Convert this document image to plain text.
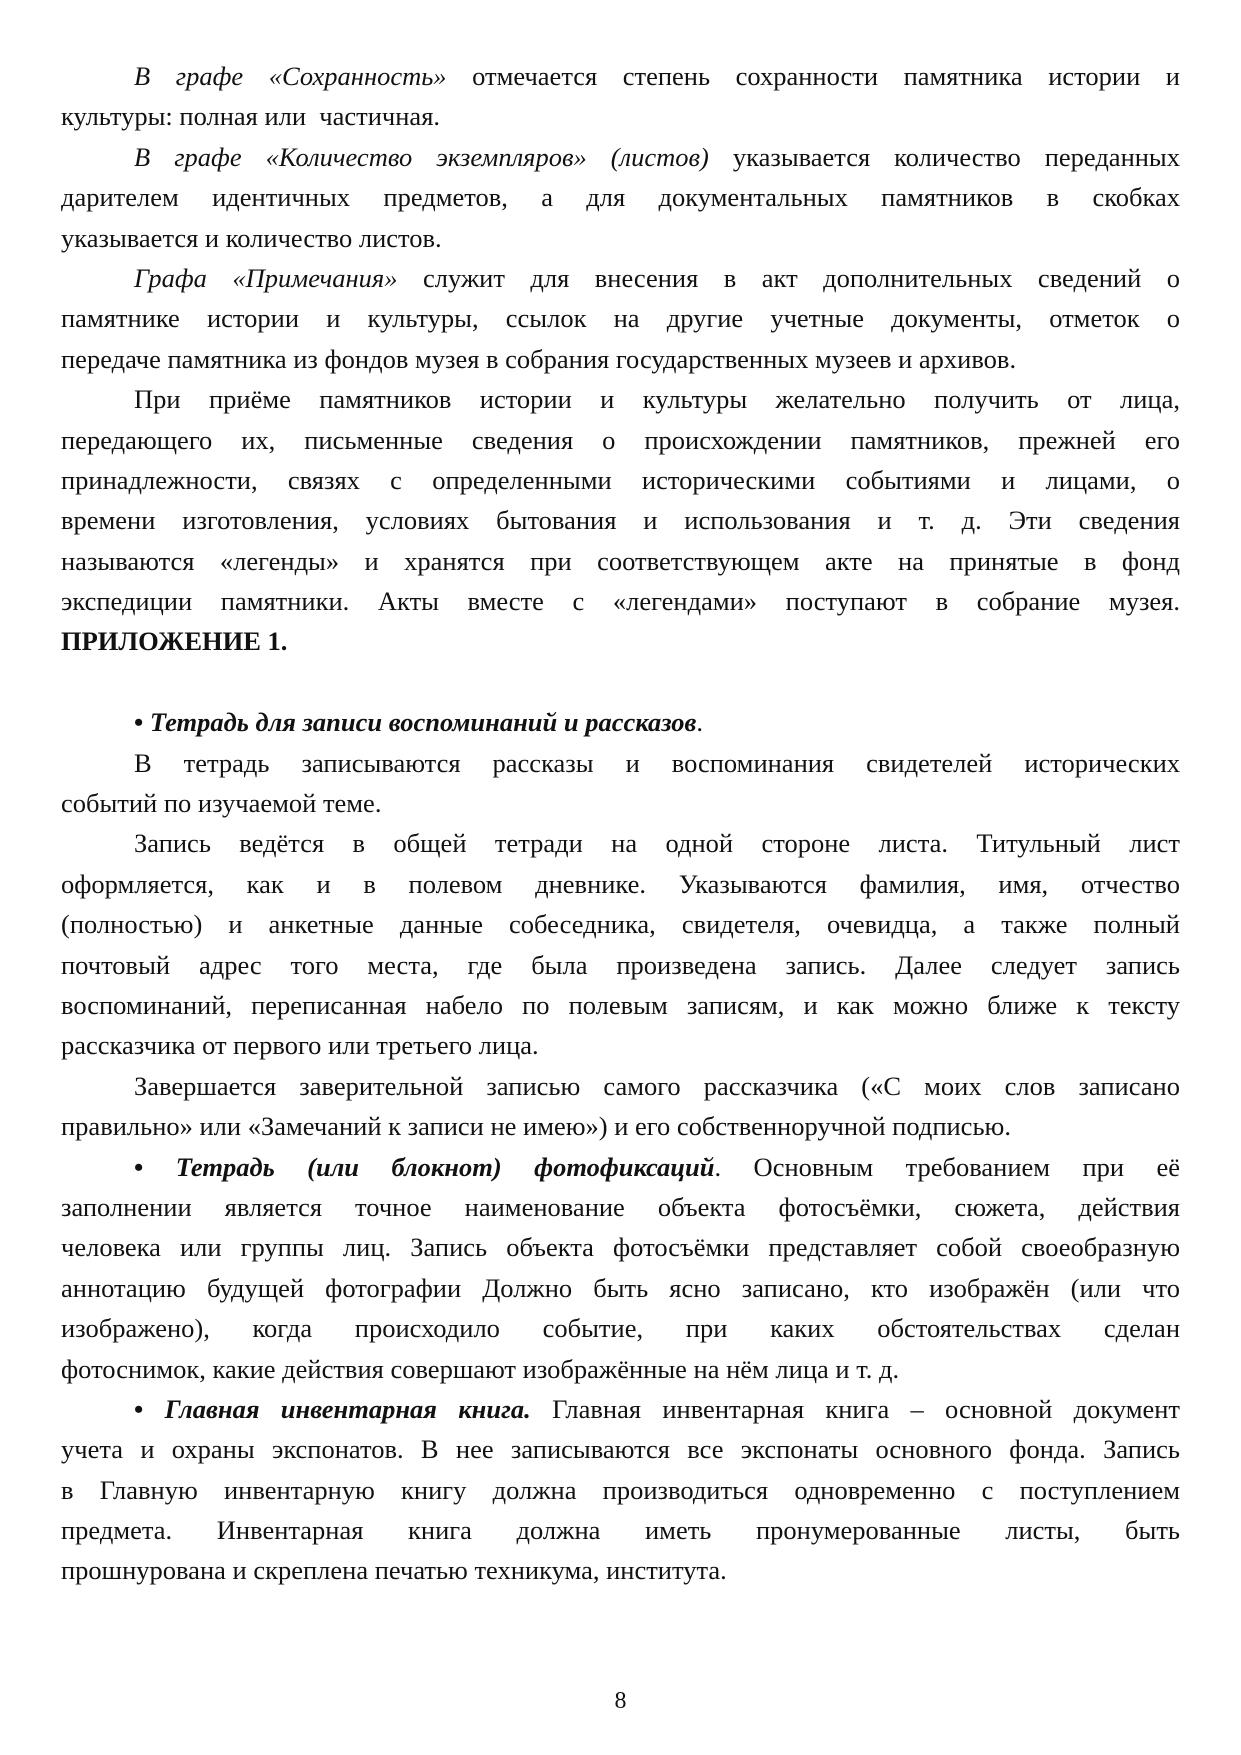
В графе «Сохранность» отмечается степень сохранности памятника истории и
культуры: полная или  частичная.
В графе «Количество экземпляров» (листов) указывается количество переданных
дарителем идентичных предметов, а для документальных памятников в скобках
указывается и количество листов.
Графа «Примечания» служит для внесения в акт дополнительных сведений о
памятнике истории и культуры, ссылок на другие учетные документы, отметок о
передаче памятника из фондов музея в собрания государственных музеев и архивов.
При приёме памятников истории и культуры желательно получить от лица,
передающего их, письменные сведения о происхождении памятников, прежней его
принадлежности, связях с определенными историческими событиями и лицами, о
времени изготовления, условиях бытования и использования и т. д. Эти сведения
называются «легенды» и хранятся при соответствующем акте на принятые в фонд
экспедиции памятники. Акты вместе с «легендами» поступают в собрание музея.
ПРИЛОЖЕНИЕ 1.
• Тетрадь для записи воспоминаний и рассказов.
В тетрадь записываются рассказы и воспоминания свидетелей исторических
событий по изучаемой теме.
Запись ведётся в общей тетради на одной стороне листа. Титульный лист
оформляется, как и в полевом дневнике. Указываются фамилия, имя, отчество
(полностью) и анкетные данные собеседника, свидетеля, очевидца, а также полный
почтовый адрес того места, где была произведена запись. Далее следует запись
воспоминаний, переписанная набело по полевым записям, и как можно ближе к тексту
рассказчика от первого или третьего лица.
Завершается заверительной записью самого рассказчика («С моих слов записано
правильно» или «Замечаний к записи не имею») и его собственноручной подписью.
• Тетрадь (или блокнот) фотофиксаций. Основным требованием при её
заполнении является точное наименование объекта фотосъёмки, сюжета, действия
человека или группы лиц. Запись объекта фотосъёмки представляет собой своеобразную
аннотацию будущей фотографии Должно быть ясно записано, кто изображён (или что
изображено), когда происходило событие, при каких обстоятельствах сделан
фотоснимок, какие действия совершают изображённые на нём лица и т. д.
• Главная инвентарная книга. Главная инвентарная книга – основной документ
учета и охраны экспонатов. В нее записываются все экспонаты основного фонда. Запись
в Главную инвентарную книгу должна производиться одновременно с поступлением
предмета. Инвентарная книга должна иметь пронумерованные листы, быть
прошнурована и скреплена печатью техникума, института.
8
